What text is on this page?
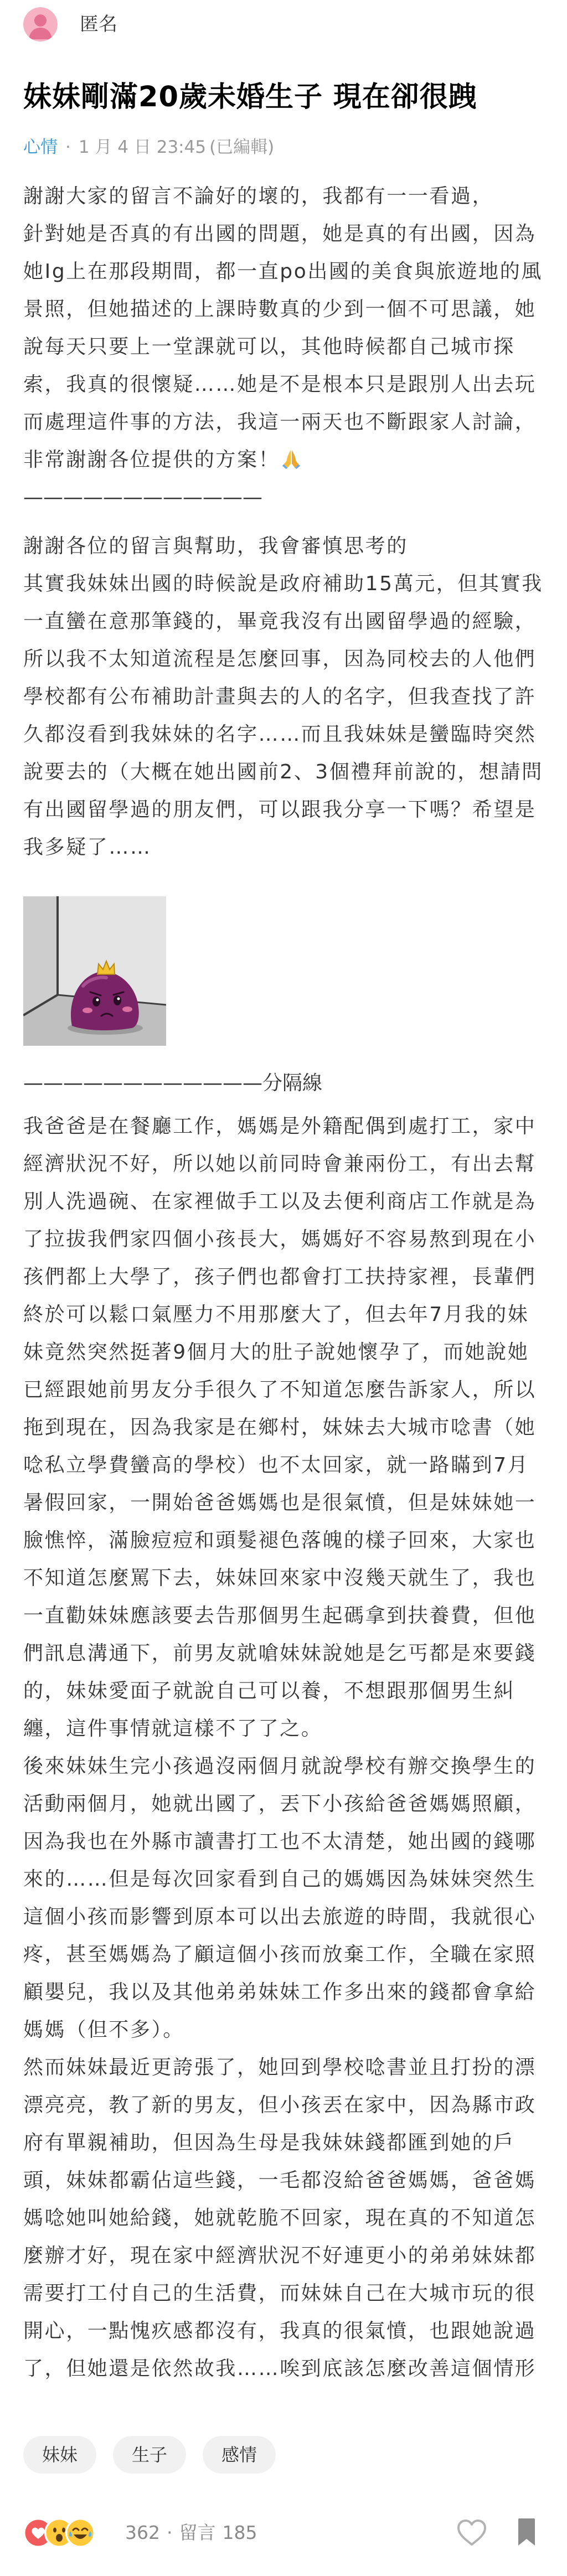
匿名
妹妹剛滿20歲未婚生子 現在卻很跩
心情 · 1 月 4 日 23:45 (已編輯)

謝謝大家的留言不論好的壞的，我都有一一看過，
針對她是否真的有出國的問題，她是真的有出國，因為她Ig上在那段期間，都一直po出國的美食與旅遊地的風景照，但她描述的上課時數真的少到一個不可思議，她說每天只要上一堂課就可以，其他時候都自己城市探索，我真的很懷疑……她是不是根本只是跟別人出去玩而處理這件事的方法，我這一兩天也不斷跟家人討論，非常謝謝各位提供的方案！

————————————

謝謝各位的留言與幫助，我會審慎思考的
其實我妹妹出國的時候說是政府補助15萬元，但其實我一直蠻在意那筆錢的，畢竟我沒有出國留學過的經驗，所以我不太知道流程是怎麼回事，因為同校去的人他們學校都有公布補助計畫與去的人的名字，但我查找了許久都沒看到我妹妹的名字……而且我妹妹是蠻臨時突然說要去的（大概在她出國前2、3個禮拜前說的，想請問有出國留學過的朋友們，可以跟我分享一下嗎？希望是我多疑了……

————————————分隔線

我爸爸是在餐廳工作，媽媽是外籍配偶到處打工，家中經濟狀況不好，所以她以前同時會兼兩份工，有出去幫別人洗過碗、在家裡做手工以及去便利商店工作就是為了拉拔我們家四個小孩長大，媽媽好不容易熬到現在小孩們都上大學了，孩子們也都會打工扶持家裡，長輩們終於可以鬆口氣壓力不用那麼大了，但去年7月我的妹妹竟然突然挺著9個月大的肚子說她懷孕了，而她說她已經跟她前男友分手很久了不知道怎麼告訴家人，所以拖到現在，因為我家是在鄉村，妹妹去大城市唸書（她唸私立學費蠻高的學校）也不太回家，就一路瞞到7月暑假回家，一開始爸爸媽媽也是很氣憤，但是妹妹她一臉憔悴，滿臉痘痘和頭髮褪色落魄的樣子回來，大家也不知道怎麼罵下去，妹妹回來家中沒幾天就生了，我也一直勸妹妹應該要去告那個男生起碼拿到扶養費，但他們訊息溝通下，前男友就嗆妹妹說她是乞丐都是來要錢的，妹妹愛面子就說自己可以養，不想跟那個男生糾纏，這件事情就這樣不了了之。

後來妹妹生完小孩過沒兩個月就說學校有辦交換學生的活動兩個月，她就出國了，丟下小孩給爸爸媽媽照顧，因為我也在外縣市讀書打工也不太清楚，她出國的錢哪來的……但是每次回家看到自己的媽媽因為妹妹突然生這個小孩而影響到原本可以出去旅遊的時間，我就很心疼，甚至媽媽為了顧這個小孩而放棄工作，全職在家照顧嬰兒，我以及其他弟弟妹妹工作多出來的錢都會拿給媽媽（但不多）。

然而妹妹最近更誇張了，她回到學校唸書並且打扮的漂漂亮亮，教了新的男友，但小孩丟在家中，因為縣市政府有單親補助，但因為生母是我妹妹錢都匯到她的戶頭，妹妹都霸佔這些錢，一毛都沒給爸爸媽媽，爸爸媽媽唸她叫她給錢，她就乾脆不回家，現在真的不知道怎麼辦才好，現在家中經濟狀況不好連更小的弟弟妹妹都需要打工付自己的生活費，而妹妹自己在大城市玩的很開心，一點愧疚感都沒有，我真的很氣憤，也跟她說過了，但她還是依然故我……唉到底該怎麼改善這個情形

妹妹	生子	感情
362 · 留言 185
